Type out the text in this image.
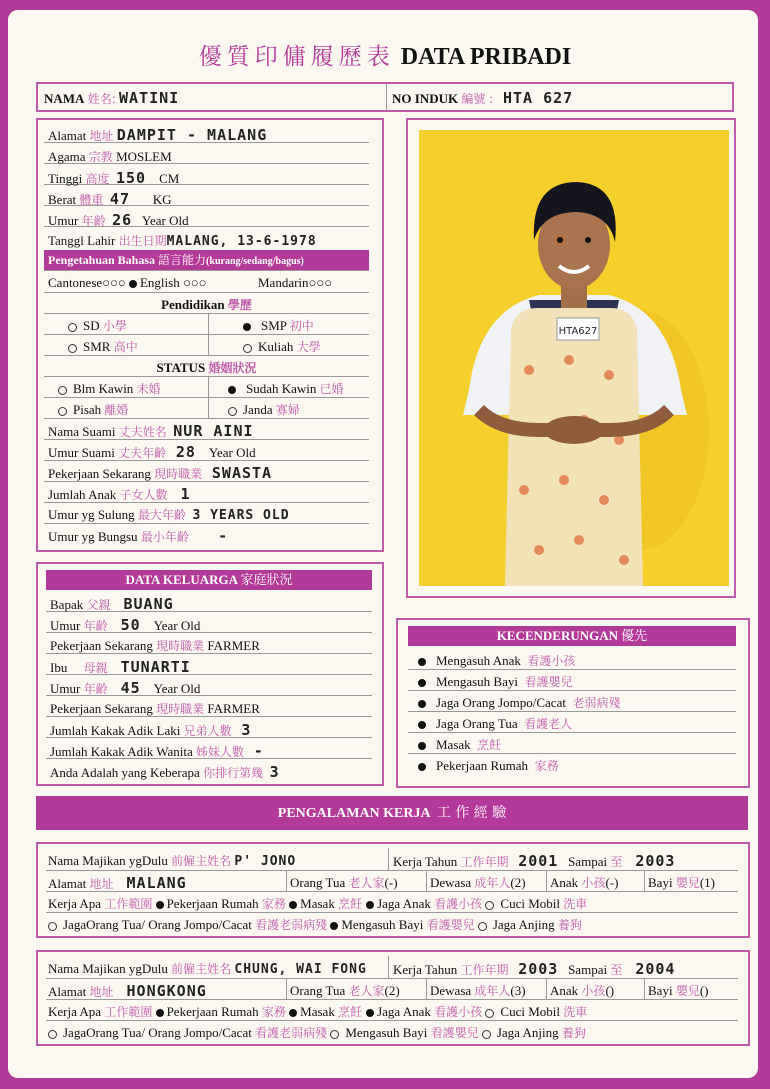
優質印傭履歷表 DATA PRIBADI
NAMA 姓名: WATINI	NO INDUK 編號 : HTA 627
Alamat 地址 DAMPIT - MALANG
Agama 宗教 MOSLEM
Tinggi 高度 150 CM
Berat 體重 47 KG
Umur 年齡 26 Year Old
Tanggl Lahir 出生日期MALANG, 13-6-1978
Pengetahuan Bahasa 語言能力(kurang/sedang/bagus)
Cantonese○○○ English ○○○	Mandarin○○○
Pendidikan 學歷
SD 小學	SMP 初中
SMR 高中	Kuliah 大學
STATUS 婚姻狀況
Blm Kawin 未婚	Sudah Kawin 已婚
Pisah 離婚	Janda 寡婦
Nama Suami 丈夫姓名 NUR AINI
Umur Suami 丈夫年齡 28 Year Old
Pekerjaan Sekarang 現時職業 SWASTA
Jumlah Anak 子女人數 1
Umur yg Sulung 最大年齡 3 YEARS OLD
Umur yg Bungsu 最小年齡 -
HTA627
DATA KELUARGA 家庭狀況
Bapak 父親 BUANG
Umur 年齡 50 Year Old
Pekerjaan Sekarang 現時職業 FARMER
Ibu 母親 TUNARTI
Umur 年齡 45 Year Old
Pekerjaan Sekarang 現時職業 FARMER
Jumlah Kakak Adik Laki 兄弟人數 3
Jumlah Kakak Adik Wanita 姊妹人數 -
Anda Adalah yang Keberapa 你排行第幾 3
KECENDERUNGAN 優先
Mengasuh Anak 看護小孩
Mengasuh Bayi 看護嬰兒
Jaga Orang Jompo/Cacat 老弱病殘
Jaga Orang Tua 看護老人
Masak 烹飪
Pekerjaan Rumah 家務
PENGALAMAN KERJA 工 作 經 驗
Nama Majikan ygDulu 前僱主姓名 P' JONO	Kerja Tahun 工作年期 2001 Sampai 至 2003
Alamat 地址 MALANG	Orang Tua 老人家(-) Dewasa 成年人(2) Anak 小孩(-) Bayi 嬰兒(1)
Kerja Apa 工作範圍 Pekerjaan Rumah 家務 Masak 烹飪 Jaga Anak 看護小孩 Cuci Mobil 洗車
JagaOrang Tua/ Orang Jompo/Cacat 看護老弱病殘 Mengasuh Bayi 看護嬰兒 Jaga Anjing 養狗
Nama Majikan ygDulu 前僱主姓名 CHUNG, WAI FONG Kerja Tahun 工作年期 2003 Sampai 至 2004
Alamat 地址 HONGKONG	Orang Tua 老人家(2) Dewasa 成年人(3) Anak 小孩()	Bayi 嬰兒()
Kerja Apa 工作範圍 Pekerjaan Rumah 家務 Masak 烹飪 Jaga Anak 看護小孩 Cuci Mobil 洗車
JagaOrang Tua/ Orang Jompo/Cacat 看護老弱病殘 Mengasuh Bayi 看護嬰兒 Jaga Anjing 養狗
